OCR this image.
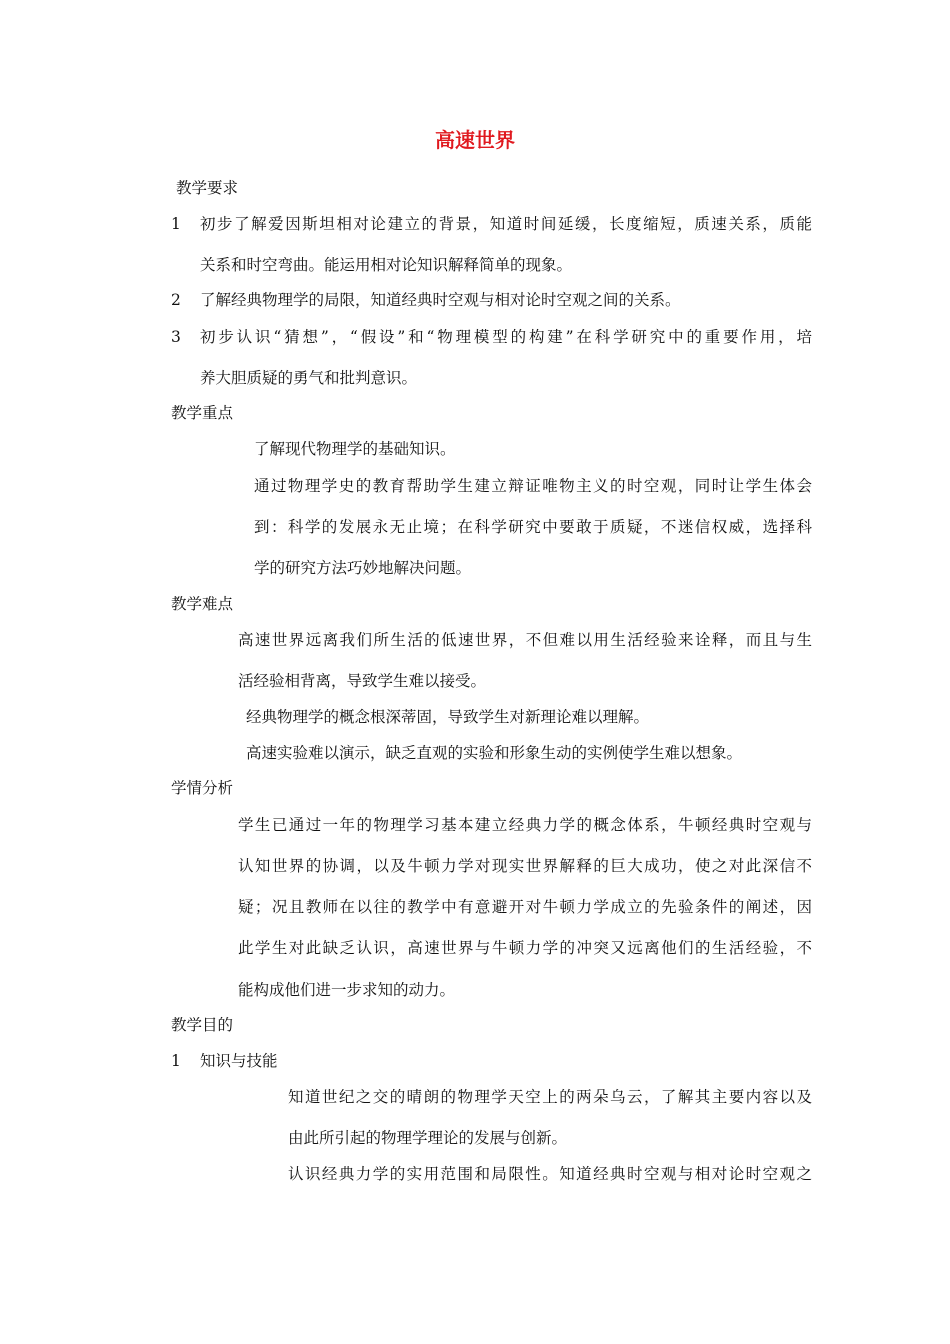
高速世界
教学要求
1 初步了解爱因斯坦相对论建立的背景，知道时间延缓，长度缩短，质速关系，质能
关系和时空弯曲。能运用相对论知识解释简单的现象。
2 了解经典物理学的局限，知道经典时空观与相对论时空观之间的关系。
3 初步认识“猜想”，“假设”和“物理模型的构建”在科学研究中的重要作用，培
养大胆质疑的勇气和批判意识。
教学重点
了解现代物理学的基础知识。
通过物理学史的教育帮助学生建立辩证唯物主义的时空观，同时让学生体会
到：科学的发展永无止境；在科学研究中要敢于质疑，不迷信权威，选择科
学的研究方法巧妙地解决问题。
教学难点
高速世界远离我们所生活的低速世界，不但难以用生活经验来诠释，而且与生
活经验相背离，导致学生难以接受。
经典物理学的概念根深蒂固，导致学生对新理论难以理解。
高速实验难以演示，缺乏直观的实验和形象生动的实例使学生难以想象。
学情分析
学生已通过一年的物理学习基本建立经典力学的概念体系，牛顿经典时空观与
认知世界的协调，以及牛顿力学对现实世界解释的巨大成功，使之对此深信不
疑；况且教师在以往的教学中有意避开对牛顿力学成立的先验条件的阐述，因
此学生对此缺乏认识，高速世界与牛顿力学的冲突又远离他们的生活经验，不
能构成他们进一步求知的动力。
教学目的
1 知识与技能
知道世纪之交的晴朗的物理学天空上的两朵乌云，了解其主要内容以及
由此所引起的物理学理论的发展与创新。
认识经典力学的实用范围和局限性。知道经典时空观与相对论时空观之
